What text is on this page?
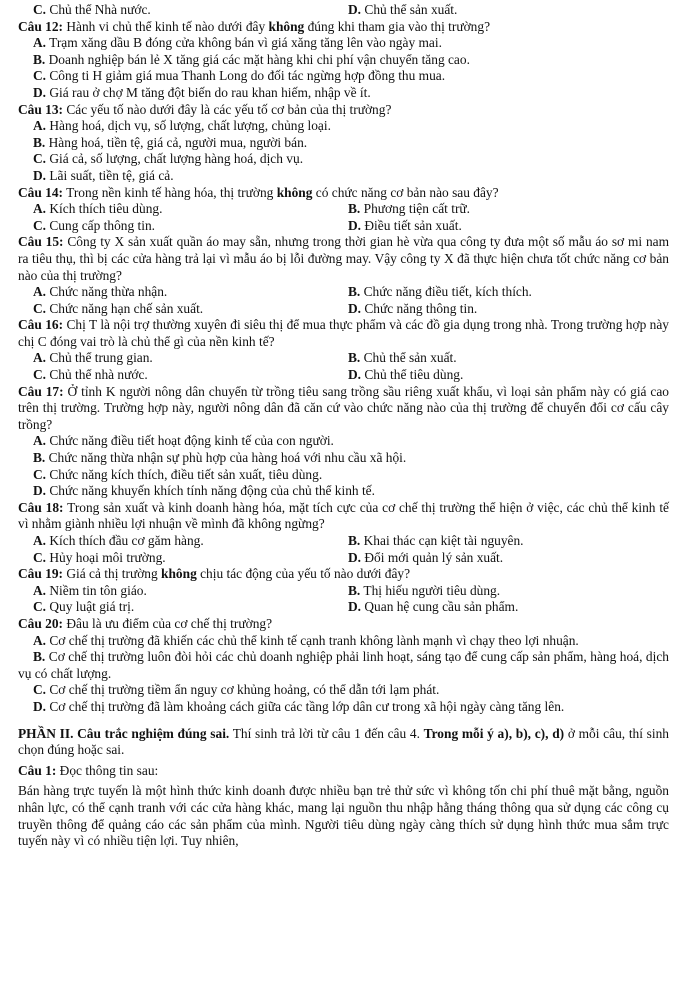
C. Chủ thể Nhà nước.	D. Chủ thể sản xuất.
Câu 12: Hành vi chủ thể kinh tế nào dưới đây không đúng khi tham gia vào thị trường?
A. Trạm xăng dầu B đóng cửa không bán vì giá xăng tăng lên vào ngày mai.
B. Doanh nghiệp bán lẻ X tăng giá các mặt hàng khi chi phí vận chuyển tăng cao.
C. Công ti H giảm giá mua Thanh Long do đối tác ngừng hợp đồng thu mua.
D. Giá rau ở chợ M tăng đột biến do rau khan hiếm, nhập về ít.
Câu 13: Các yếu tố nào dưới đây là các yếu tố cơ bản của thị trường?
A. Hàng hoá, dịch vụ, số lượng, chất lượng, chủng loại.
B. Hàng hoá, tiền tệ, giá cả, người mua, người bán.
C. Giá cả, số lượng, chất lượng hàng hoá, dịch vụ.
D. Lãi suất, tiền tệ, giá cả.
Câu 14: Trong nền kinh tế hàng hóa, thị trường không có chức năng cơ bản nào sau đây?
A. Kích thích tiêu dùng.	B. Phương tiện cất trữ.
C. Cung cấp thông tin.	D. Điều tiết sản xuất.
Câu 15: Công ty X sản xuất quần áo may sẵn, nhưng trong thời gian hè vừa qua công ty đưa một số mẫu áo sơ mi nam ra tiêu thụ, thì bị các cửa hàng trả lại vì mẫu áo bị lỗi đường may. Vậy công ty X đã thực hiện chưa tốt chức năng cơ bản nào của thị trường?
A. Chức năng thừa nhận.	B. Chức năng điều tiết, kích thích.
C. Chức năng hạn chế sản xuất.	D. Chức năng thông tin.
Câu 16: Chị T là nội trợ thường xuyên đi siêu thị để mua thực phẩm và các đồ gia dụng trong nhà. Trong trường hợp này chị C đóng vai trò là chủ thể gì của nền kinh tế?
A. Chủ thể trung gian.	B. Chủ thể sản xuất.
C. Chủ thể nhà nước.	D. Chủ thể tiêu dùng.
Câu 17: Ở tỉnh K người nông dân chuyển từ trồng tiêu sang trồng sầu riêng xuất khẩu, vì loại sản phẩm này có giá cao trên thị trường. Trường hợp này, người nông dân đã căn cứ vào chức năng nào của thị trường để chuyển đổi cơ cấu cây trồng?
A. Chức năng điều tiết hoạt động kinh tế của con người.
B. Chức năng thừa nhận sự phù hợp của hàng hoá với nhu cầu xã hội.
C. Chức năng kích thích, điều tiết sản xuất, tiêu dùng.
D. Chức năng khuyến khích tính năng động của chủ thể kinh tế.
Câu 18: Trong sản xuất và kinh doanh hàng hóa, mặt tích cực của cơ chế thị trường thể hiện ở việc, các chủ thể kinh tế vì nhằm giành nhiều lợi nhuận về mình đã không ngừng?
A. Kích thích đầu cơ găm hàng.	B. Khai thác cạn kiệt tài nguyên.
C. Hủy hoại môi trường.	D. Đổi mới quản lý sản xuất.
Câu 19: Giá cả thị trường không chịu tác động của yếu tố nào dưới đây?
A. Niềm tin tôn giáo.	B. Thị hiếu người tiêu dùng.
C. Quy luật giá trị.	D. Quan hệ cung cầu sản phẩm.
Câu 20: Đâu là ưu điểm của cơ chế thị trường?
A. Cơ chế thị trường đã khiến các chủ thể kinh tế cạnh tranh không lành mạnh vì chạy theo lợi nhuận.
B. Cơ chế thị trường luôn đòi hỏi các chủ doanh nghiệp phải linh hoạt, sáng tạo để cung cấp sản phẩm, hàng hoá, dịch vụ có chất lượng.
C. Cơ chế thị trường tiềm ẩn nguy cơ khủng hoảng, có thể dẫn tới lạm phát.
D. Cơ chế thị trường đã làm khoảng cách giữa các tầng lớp dân cư trong xã hội ngày càng tăng lên.
PHẦN II. Câu trắc nghiệm đúng sai. Thí sinh trả lời từ câu 1 đến câu 4. Trong mỗi ý a), b), c), d) ở mỗi câu, thí sinh chọn đúng hoặc sai.
Câu 1: Đọc thông tin sau:
Bán hàng trực tuyến là một hình thức kinh doanh được nhiều bạn trẻ thử sức vì không tốn chi phí thuê mặt bằng, nguồn nhân lực, có thể cạnh tranh với các cửa hàng khác, mang lại nguồn thu nhập hằng tháng thông qua sử dụng các công cụ truyền thông để quảng cáo các sản phẩm của mình. Người tiêu dùng ngày càng thích sử dụng hình thức mua sắm trực tuyến này vì có nhiều tiện lợi. Tuy nhiên,
